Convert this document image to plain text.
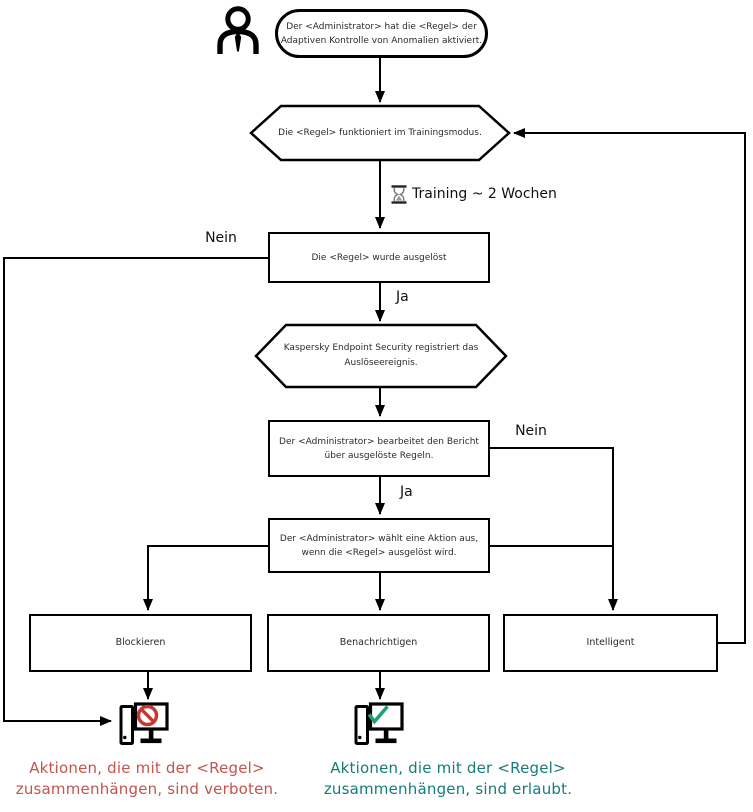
Der <Administrator> hat die <Regel> der
Adaptiven Kontrolle von Anomalien aktiviert.
Die <Regel> funktioniert im Trainingsmodus.
Training ~ 2 Wochen
Die <Regel> wurde ausgelöst
Nein
Ja
Kaspersky Endpoint Security registriert das
Auslöseereignis.
Der <Administrator> bearbeitet den Bericht
über ausgelöste Regeln.
Nein
Ja
Der <Administrator> wählt eine Aktion aus,
wenn die <Regel> ausgelöst wird.
Blockieren	Benachrichtigen	Intelligent
Aktionen, die mit der <Regel>
zusammenhängen, sind verboten.
Aktionen, die mit der <Regel>
zusammenhängen, sind erlaubt.
